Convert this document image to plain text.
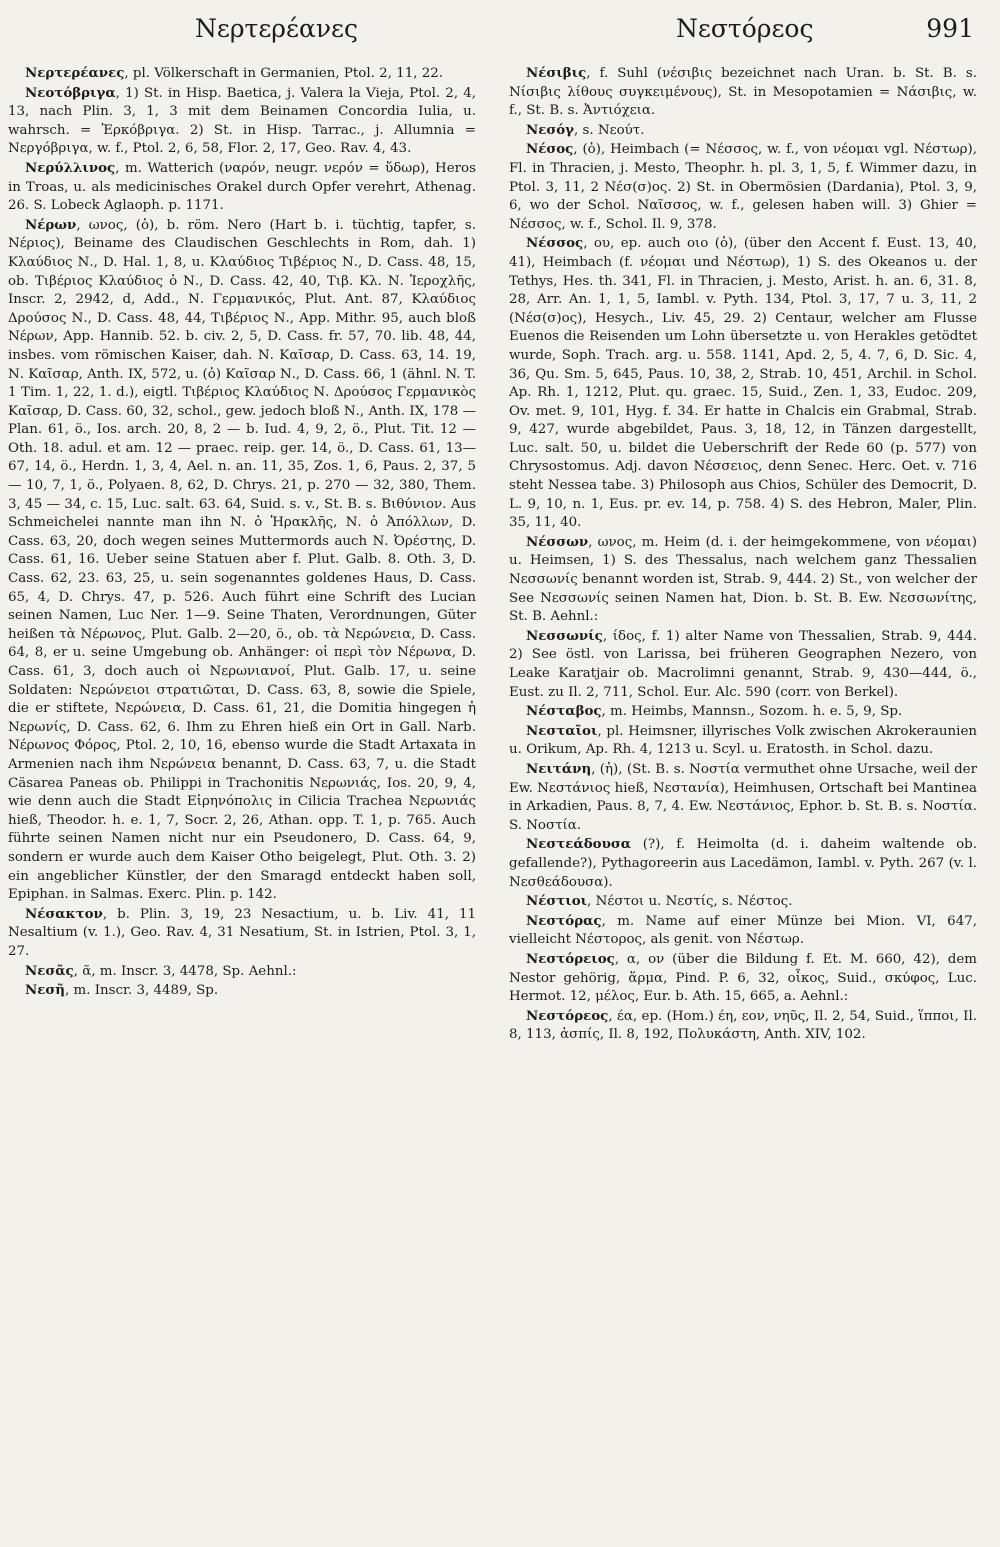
Νερτερέανες	Νεστόρεος	991

Νερτερέανες, pl. Völkerschaft in Germanien, Ptol. 2, 11, 22.

Νεοτόβριγα, 1) St. in Hisp. Baetica, j. Valera la Vieja, Ptol. 2, 4, 13, nach Plin. 3, 1, 3 mit dem Beinamen Concordia Iulia, u. wahrsch. = Ἐρκόβριγα. 2) St. in Hisp. Tarrac., j. Allumnia = Νεργόβριγα, w. f., Ptol. 2, 6, 58, Flor. 2, 17, Geo. Rav. 4, 43.

Νερύλλινος, m. Watterich (ναρόν, neugr. νερόν = ὕδωρ), Heros in Troas, u. als medicinisches Orakel durch Opfer verehrt, Athenag. 26. S. Lobeck Aglaoph. p. 1171.

Νέρων, ωνος, (ὁ), b. röm. Nero (Hart b. i. tüchtig, tapfer, s. Νέριος), Beiname des Claudischen Geschlechts in Rom, dah. 1) Κλαύδιος Ν., D. Hal. 1, 8, u. Κλαύδιος Τιβέριος Ν., D. Cass. 48, 15, ob. Τιβέριος Κλαύδιος ὁ Ν., D. Cass. 42, 40, Τιβ. Κλ. Ν. Ἱεροχλῆς, Inscr. 2, 2942, d, Add., Ν. Γερμανικός, Plut. Ant. 87, Κλαύδιος Δρούσος Ν., D. Cass. 48, 44, Τιβέριος Ν., App. Mithr. 95, auch bloß Νέρων, App. Hannib. 52. b. civ. 2, 5, D. Cass. fr. 57, 70. lib. 48, 44, insbes. vom römischen Kaiser, dah. Ν. Καῖσαρ, D. Cass. 63, 14. 19, Ν. Καῖσαρ, Anth. IX, 572, u. (ὁ) Καῖσαρ Ν., D. Cass. 66, 1 (ähnl. N. T. 1 Tim. 1, 22, 1. d.), eigtl. Τιβέριος Κλαύδιος Ν. Δρούσος Γερμανικὸς Καῖσαρ, D. Cass. 60, 32, schol., gew. jedoch bloß Ν., Anth. IX, 178 — Plan. 61, ö., Ios. arch. 20, 8, 2 — b. Iud. 4, 9, 2, ö., Plut. Tit. 12 — Oth. 18. adul. et am. 12 — praec. reip. ger. 14, ö., D. Cass. 61, 13—67, 14, ö., Herdn. 1, 3, 4, Ael. n. an. 11, 35, Zos. 1, 6, Paus. 2, 37, 5 — 10, 7, 1, ö., Polyaen. 8, 62, D. Chrys. 21, p. 270 — 32, 380, Them. 3, 45 — 34, c. 15, Luc. salt. 63. 64, Suid. s. v., St. B. s. Βιθύνιον. Aus Schmeichelei nannte man ihn Ν. ὁ Ἡρακλῆς, Ν. ὁ Ἀπόλλων, D. Cass. 63, 20, doch wegen seines Muttermords auch Ν. Ὀρέστης, D. Cass. 61, 16. Ueber seine Statuen aber f. Plut. Galb. 8. Oth. 3, D. Cass. 62, 23. 63, 25, u. sein sogenanntes goldenes Haus, D. Cass. 65, 4, D. Chrys. 47, p. 526. Auch führt eine Schrift des Lucian seinen Namen, Luc Ner. 1—9. Seine Thaten, Verordnungen, Güter heißen τὰ Νέρωνος, Plut. Galb. 2—20, ö., ob. τὰ Νερώνεια, D. Cass. 64, 8, er u. seine Umgebung ob. Anhänger: οἱ περὶ τὸν Νέρωνα, D. Cass. 61, 3, doch auch οἱ Νερωνιανοί, Plut. Galb. 17, u. seine Soldaten: Νερώνειοι στρατιῶται, D. Cass. 63, 8, sowie die Spiele, die er stiftete, Νερώνεια, D. Cass. 61, 21, die Domitia hingegen ἡ Νερωνίς, D. Cass. 62, 6. Ihm zu Ehren hieß ein Ort in Gall. Narb. Νέρωνος Φόρος, Ptol. 2, 10, 16, ebenso wurde die Stadt Artaxata in Armenien nach ihm Νερώνεια benannt, D. Cass. 63, 7, u. die Stadt Cäsarea Paneas ob. Philippi in Trachonitis Νερωνιάς, Ios. 20, 9, 4, wie denn auch die Stadt Εἰρηνόπολις in Cilicia Trachea Νερωνιάς hieß, Theodor. h. e. 1, 7, Socr. 2, 26, Athan. opp. T. 1, p. 765. Auch führte seinen Namen nicht nur ein Pseudonero, D. Cass. 64, 9, sondern er wurde auch dem Kaiser Otho beigelegt, Plut. Oth. 3. 2) ein angeblicher Künstler, der den Smaragd entdeckt haben soll, Epiphan. in Salmas. Exerc. Plin. p. 142.

Νέσακτον, b. Plin. 3, 19, 23 Nesactium, u. b. Liv. 41, 11 Nesaltium (v. 1.), Geo. Rav. 4, 31 Nesatium, St. in Istrien, Ptol. 3, 1, 27.

Νεσᾶς, ᾶ, m. Inscr. 3, 4478, Sp. Aehnl.:

Νεσῆ, m. Inscr. 3, 4489, Sp.

Νέσιβις, f. Suhl (νέσιβις bezeichnet nach Uran. b. St. B. s. Νίσιβις λίθους συγκειμένους), St. in Mesopotamien = Νάσιβις, w. f., St. B. s. Ἀντιόχεια.

Νεσόγ, s. Νεούτ.

Νέσος, (ὁ), Heimbach (= Νέσσος, w. f., von νέομαι vgl. Νέστωρ), Fl. in Thracien, j. Mesto, Theophr. h. pl. 3, 1, 5, f. Wimmer dazu, in Ptol. 3, 11, 2 Νέσ(σ)ος. 2) St. in Obermösien (Dardania), Ptol. 3, 9, 6, wo der Schol. Ναῖσσος, w. f., gelesen haben will. 3) Ghier = Νέσσος, w. f., Schol. Il. 9, 378.

Νέσσος, ου, ep. auch οιο (ὁ), (über den Accent f. Eust. 13, 40, 41), Heimbach (f. νέομαι und Νέστωρ), 1) S. des Okeanos u. der Tethys, Hes. th. 341, Fl. in Thracien, j. Mesto, Arist. h. an. 6, 31. 8, 28, Arr. An. 1, 1, 5, Iambl. v. Pyth. 134, Ptol. 3, 17, 7 u. 3, 11, 2 (Νέσ(σ)ος), Hesych., Liv. 45, 29. 2) Centaur, welcher am Flusse Euenos die Reisenden um Lohn übersetzte u. von Herakles getödtet wurde, Soph. Trach. arg. u. 558. 1141, Apd. 2, 5, 4. 7, 6, D. Sic. 4, 36, Qu. Sm. 5, 645, Paus. 10, 38, 2, Strab. 10, 451, Archil. in Schol. Ap. Rh. 1, 1212, Plut. qu. graec. 15, Suid., Zen. 1, 33, Eudoc. 209, Ov. met. 9, 101, Hyg. f. 34. Er hatte in Chalcis ein Grabmal, Strab. 9, 427, wurde abgebildet, Paus. 3, 18, 12, in Tänzen dargestellt, Luc. salt. 50, u. bildet die Ueberschrift der Rede 60 (p. 577) von Chrysostomus. Adj. davon Νέσσειος, denn Senec. Herc. Oet. v. 716 steht Nessea tabe. 3) Philosoph aus Chios, Schüler des Democrit, D. L. 9, 10, n. 1, Eus. pr. ev. 14, p. 758. 4) S. des Hebron, Maler, Plin. 35, 11, 40.

Νέσσων, ωνος, m. Heim (d. i. der heimgekommene, von νέομαι) u. Heimsen, 1) S. des Thessalus, nach welchem ganz Thessalien Νεσσωνίς benannt worden ist, Strab. 9, 444. 2) St., von welcher der See Νεσσωνίς seinen Namen hat, Dion. b. St. B. Ew. Νεσσωνίτης, St. B. Aehnl.:

Νεσσωνίς, ίδος, f. 1) alter Name von Thessalien, Strab. 9, 444. 2) See östl. von Larissa, bei früheren Geographen Nezero, von Leake Karatjair ob. Macrolimni genannt, Strab. 9, 430—444, ö., Eust. zu Il. 2, 711, Schol. Eur. Alc. 590 (corr. von Berkel).

Νέσταβος, m. Heimbs, Mannsn., Sozom. h. e. 5, 9, Sp.

Νεσταῖοι, pl. Heimsner, illyrisches Volk zwischen Akrokeraunien u. Orikum, Ap. Rh. 4, 1213 u. Scyl. u. Eratosth. in Schol. dazu.

Νειτάνη, (ἡ), (St. B. s. Νοστία vermuthet ohne Ursache, weil der Ew. Νεστάνιος hieß, Νεστανία), Heimhusen, Ortschaft bei Mantinea in Arkadien, Paus. 8, 7, 4. Ew. Νεστάνιος, Ephor. b. St. B. s. Νοστία. S. Νοστία.

Νεστεάδουσα (?), f. Heimolta (d. i. daheim waltende ob. gefallende?), Pythagoreerin aus Lacedämon, Iambl. v. Pyth. 267 (v. l. Νεσθεάδουσα).

Νέστιοι, Νέστοι u. Νεστίς, s. Νέστος.

Νεστόρας, m. Name auf einer Münze bei Mion. VI, 647, vielleicht Νέστορος, als genit. von Νέστωρ.

Νεστόρειος, α, ον (über die Bildung f. Et. M. 660, 42), dem Nestor gehörig, ἅρμα, Pind. P. 6, 32, οἶκος, Suid., σκύφος, Luc. Hermot. 12, μέλος, Eur. b. Ath. 15, 665, a. Aehnl.:

Νεστόρεος, έα, ep. (Hom.) έη, εον, νηῦς, Il. 2, 54, Suid., ἵπποι, Il. 8, 113, ἀσπίς, Il. 8, 192, Πολυκάστη, Anth. XIV, 102.
